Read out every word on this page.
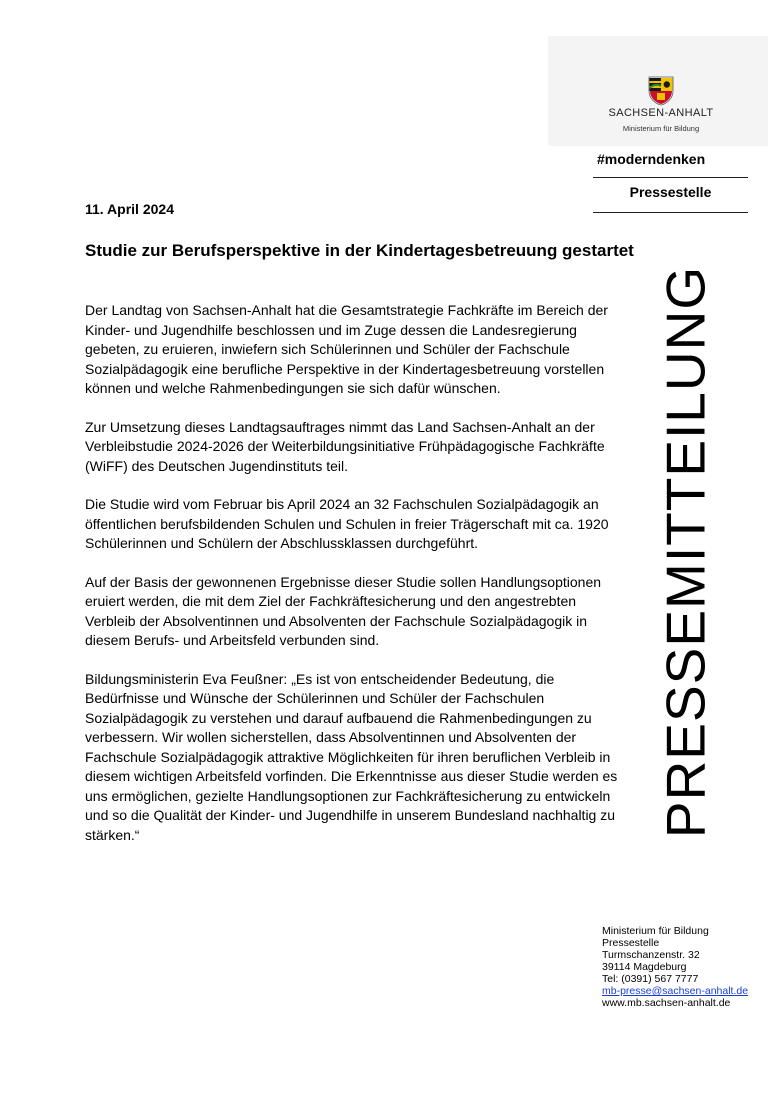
SACHSEN-ANHALT
Ministerium für Bildung
#moderndenken
Pressestelle
PRESSEMITTEILUNG
11. April 2024
Studie zur Berufsperspektive in der Kindertagesbetreuung gestartet

Der Landtag von Sachsen-Anhalt hat die Gesamtstrategie Fachkräfte im Bereich der Kinder- und Jugendhilfe beschlossen und im Zuge dessen die Landesregierung gebeten, zu eruieren, inwiefern sich Schülerinnen und Schüler der Fachschule Sozialpädagogik eine berufliche Perspektive in der Kindertagesbetreuung vorstellen können und welche Rahmenbedingungen sie sich dafür wünschen.

Zur Umsetzung dieses Landtagsauftrages nimmt das Land Sachsen-Anhalt an der Verbleibstudie 2024-2026 der Weiterbildungsinitiative Frühpädagogische Fachkräfte (WiFF) des Deutschen Jugendinstituts teil.

Die Studie wird vom Februar bis April 2024 an 32 Fachschulen Sozialpädagogik an öffentlichen berufsbildenden Schulen und Schulen in freier Trägerschaft mit ca. 1920 Schülerinnen und Schülern der Abschlussklassen durchgeführt.

Auf der Basis der gewonnenen Ergebnisse dieser Studie sollen Handlungsoptionen eruiert werden, die mit dem Ziel der Fachkräftesicherung und den angestrebten Verbleib der Absolventinnen und Absolventen der Fachschule Sozialpädagogik in diesem Berufs- und Arbeitsfeld verbunden sind.

Bildungsministerin Eva Feußner: „Es ist von entscheidender Bedeutung, die Bedürfnisse und Wünsche der Schülerinnen und Schüler der Fachschulen Sozialpädagogik zu verstehen und darauf aufbauend die Rahmenbedingungen zu verbessern. Wir wollen sicherstellen, dass Absolventinnen und Absolventen der Fachschule Sozialpädagogik attraktive Möglichkeiten für ihren beruflichen Verbleib in diesem wichtigen Arbeitsfeld vorfinden. Die Erkenntnisse aus dieser Studie werden es uns ermöglichen, gezielte Handlungsoptionen zur Fachkräftesicherung zu entwickeln und so die Qualität der Kinder- und Jugendhilfe in unserem Bundesland nachhaltig zu stärken.“

Ministerium für Bildung
Pressestelle
Turmschanzenstr. 32
39114 Magdeburg
Tel: (0391) 567 7777
mb-presse@sachsen-anhalt.de
www.mb.sachsen-anhalt.de
